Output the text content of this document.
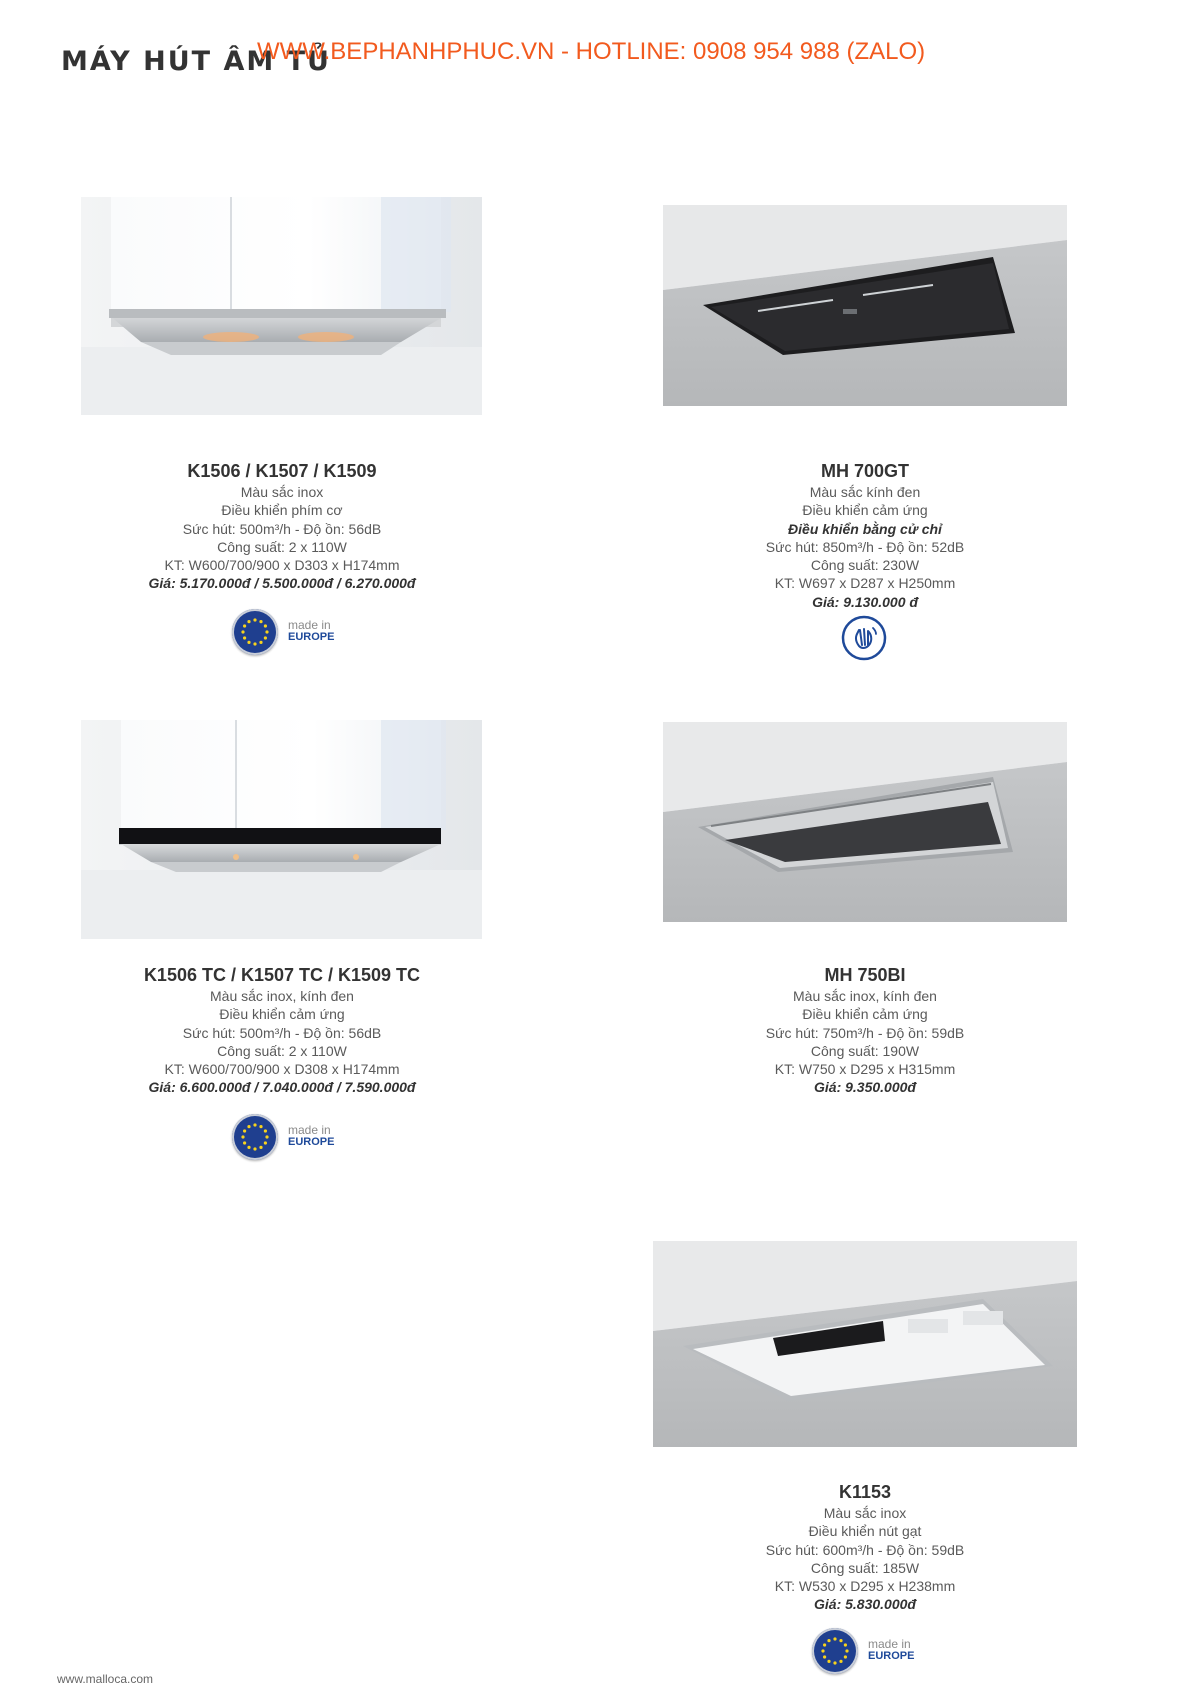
MÁY HÚT ÂM TỦ
WWW.BEPHANHPHUC.VN - HOTLINE: 0908 954 988 (ZALO)
K1506 / K1507 / K1509
Màu sắc inox
Điều khiển phím cơ
Sức hút: 500m³/h - Độ ồn: 56dB
Công suất: 2 x 110W
KT: W600/700/900 x D303 x H174mm
Giá: 5.170.000đ / 5.500.000đ / 6.270.000đ
MH 700GT
Màu sắc kính đen
Điều khiển cảm ứng
Điều khiển bằng cử chỉ
Sức hút: 850m³/h - Độ ồn: 52dB
Công suất: 230W
KT: W697 x D287 x H250mm
Giá: 9.130.000 đ
K1506 TC / K1507 TC / K1509 TC
Màu sắc inox, kính đen
Điều khiển cảm ứng
Sức hút: 500m³/h - Độ ồn: 56dB
Công suất: 2 x 110W
KT: W600/700/900 x D308 x H174mm
Giá: 6.600.000đ / 7.040.000đ / 7.590.000đ
MH 750BI
Màu sắc inox, kính đen
Điều khiển cảm ứng
Sức hút: 750m³/h - Độ ồn: 59dB
Công suất: 190W
KT: W750 x D295 x H315mm
Giá: 9.350.000đ
K1153
Màu sắc inox
Điều khiển nút gạt
Sức hút: 600m³/h - Độ ồn: 59dB
Công suất: 185W
KT: W530 x D295 x H238mm
Giá: 5.830.000đ
made in
EUROPE
made in
EUROPE
made in
EUROPE
www.malloca.com
